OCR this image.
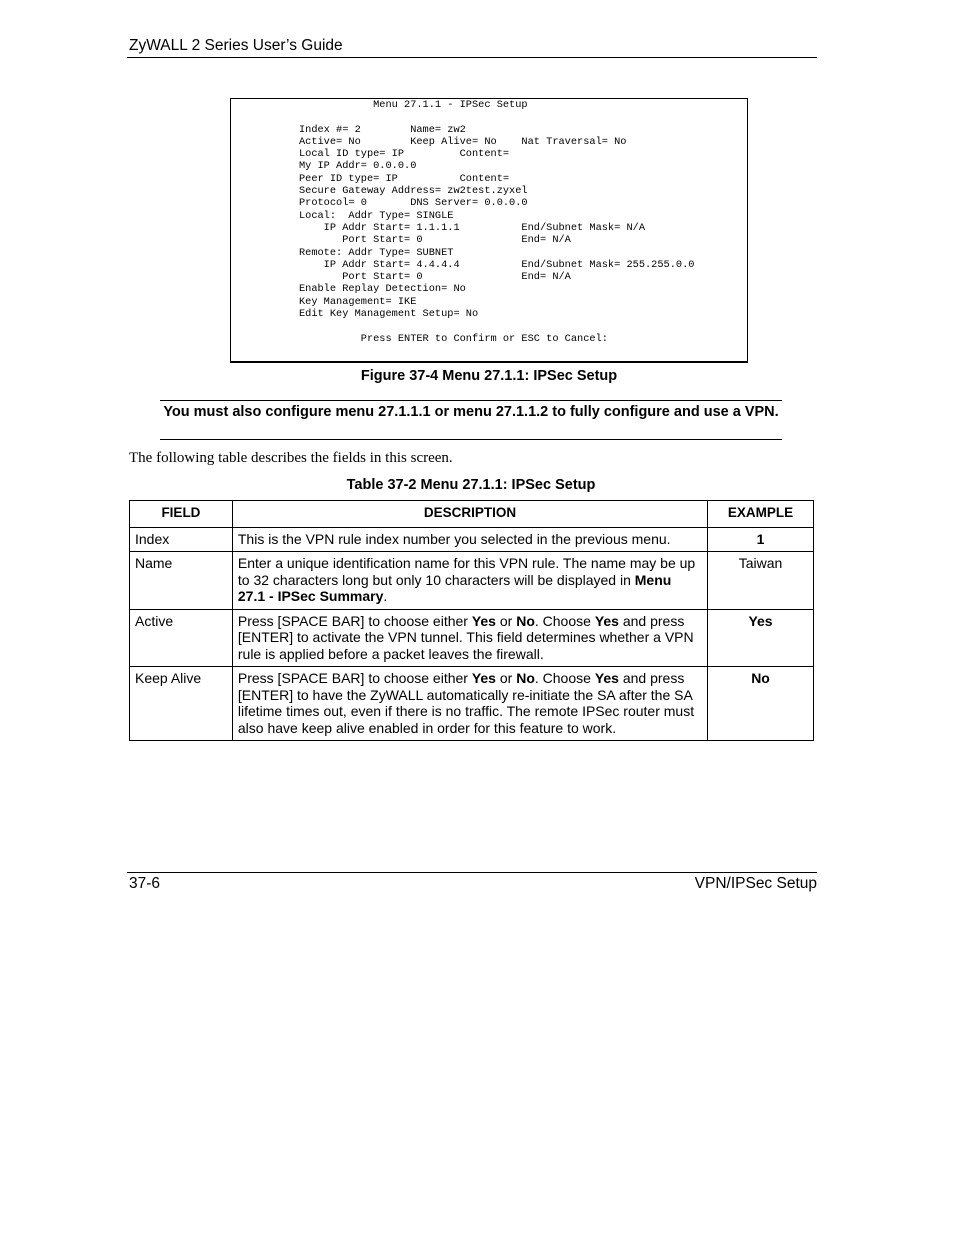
ZyWALL 2 Series User’s Guide
Menu 27.1.1 - IPSec Setup
Index #= 2        Name= zw2
Active= No        Keep Alive= No    Nat Traversal= No
Local ID type= IP         Content=
My IP Addr= 0.0.0.0
Peer ID type= IP          Content=
Secure Gateway Address= zw2test.zyxel
Protocol= 0       DNS Server= 0.0.0.0
Local:  Addr Type= SINGLE
IP Addr Start= 1.1.1.1          End/Subnet Mask= N/A
Port Start= 0                End= N/A
Remote: Addr Type= SUBNET
IP Addr Start= 4.4.4.4          End/Subnet Mask= 255.255.0.0
Port Start= 0                End= N/A
Enable Replay Detection= No
Key Management= IKE
Edit Key Management Setup= No
Press ENTER to Confirm or ESC to Cancel:
Figure 37-4 Menu 27.1.1: IPSec Setup
You must also configure menu 27.1.1.1 or menu 27.1.1.2 to fully configure and use a VPN.
The following table describes the fields in this screen.
Table 37-2 Menu 27.1.1: IPSec Setup
FIELD	DESCRIPTION	EXAMPLE
Index	This is the VPN rule index number you selected in the previous menu.	1
Name	Enter a unique identification name for this VPN rule. The name may be up to 32 characters long but only 10 characters will be displayed in Menu 27.1 - IPSec Summary.	Taiwan
Active	Press [SPACE BAR] to choose either Yes or No. Choose Yes and press [ENTER] to activate the VPN tunnel. This field determines whether a VPN rule is applied before a packet leaves the firewall.	Yes
Keep Alive	Press [SPACE BAR] to choose either Yes or No. Choose Yes and press [ENTER] to have the ZyWALL automatically re-initiate the SA after the SA lifetime times out, even if there is no traffic. The remote IPSec router must also have keep alive enabled in order for this feature to work.	No
37-6	VPN/IPSec Setup
